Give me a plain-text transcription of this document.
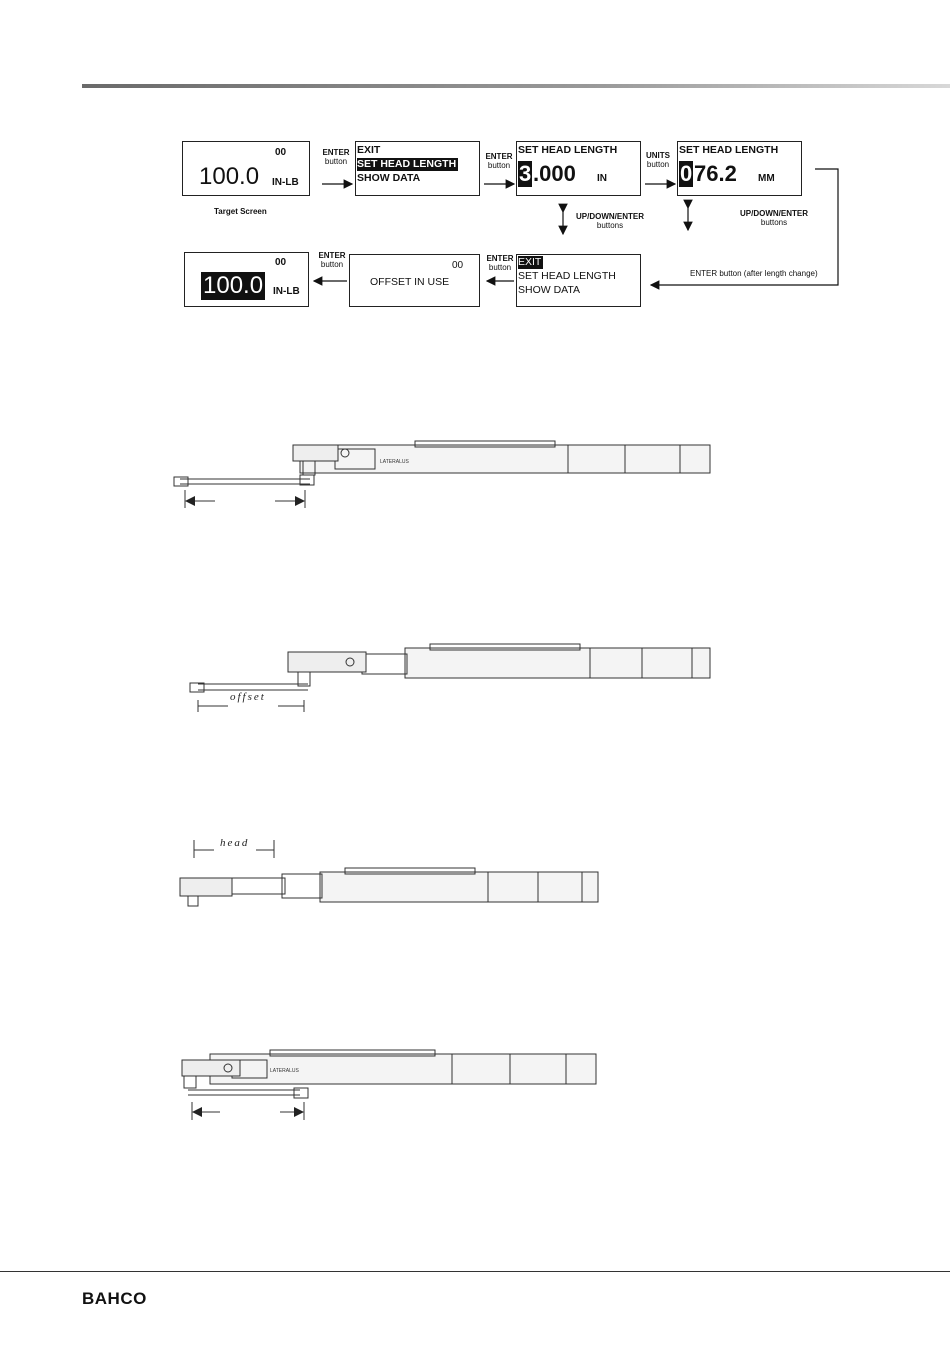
00
100.0 IN-LB
Target Screen
ENTER
button
EXIT
SET HEAD LENGTH
SHOW DATA
ENTER
button
SET HEAD LENGTH
3 .000 IN
UNITS
button
SET HEAD LENGTH
0 76.2 MM
UP/DOWN/ENTER
buttons
UP/DOWN/ENTER
buttons
ENTER button (after length change)
EXIT
SET HEAD LENGTH
SHOW DATA
ENTER
button
00
OFFSET IN USE
ENTER
button
00
100.0 IN-LB
LATERALUS
offset
head
LATERALUS
BAHCO
